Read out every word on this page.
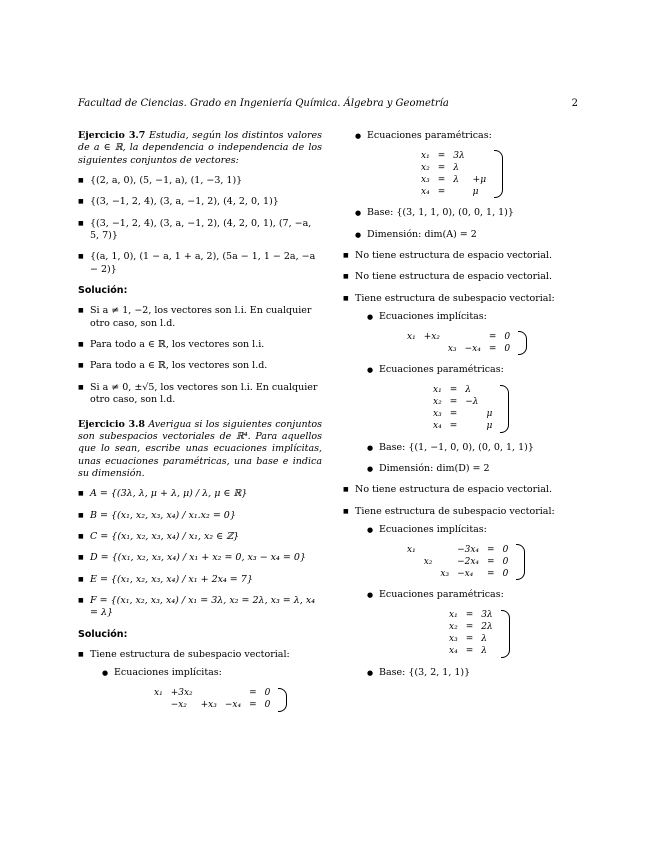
Facultad de Ciencias. Grado en Ingeniería Química. Álgebra y Geometría	2

Ejercicio 3.7 Estudia, según los distintos valores de a ∈ ℝ, la dependencia o independencia de los siguientes conjuntos de vectores:

■ {(2, a, 0), (5, −1, a), (1, −3, 1)}
■ {(3, −1, 2, 4), (3, a, −1, 2), (4, 2, 0, 1)}
■ {(3, −1, 2, 4), (3, a, −1, 2), (4, 2, 0, 1), (7, −a, 5, 7)}
■ {(a, 1, 0), (1 − a, 1 + a, 2), (5a − 1, 1 − 2a, −a − 2)}
Solución:
■ Si a ≠ 1, −2, los vectores son l.i. En cualquier otro caso, son l.d.
■ Para todo a ∈ ℝ, los vectores son l.i.
■ Para todo a ∈ ℝ, los vectores son l.d.
■ Si a ≠ 0, ±√5, los vectores son l.i. En cualquier otro caso, son l.d.

Ejercicio 3.8 Averigua si los siguientes conjuntos son subespacios vectoriales de ℝ⁴. Para aquellos que lo sean, escribe unas ecuaciones implícitas, unas ecuaciones paramétricas, una base e indica su dimensión.

■ A = {(3λ, λ, μ + λ, μ) / λ, μ ∈ ℝ}
■ B = {(x₁, x₂, x₃, x₄) / x₁.x₂ = 0}
■ C = {(x₁, x₂, x₃, x₄) / x₁, x₂ ∈ ℤ}
■ D = {(x₁, x₂, x₃, x₄) / x₁ + x₂ = 0, x₃ − x₄ = 0}
■ E = {(x₁, x₂, x₃, x₄) / x₁ + 2x₄ = 7}
■ F = {(x₁, x₂, x₃, x₄) / x₁ = 3λ, x₂ = 2λ, x₃ = λ, x₄ = λ}
Solución:
■ Tiene estructura de subespacio vectorial:
● Ecuaciones implícitas:
x₁	+3x₂			=	0
	−x₂	+x₃	−x₄	=	0
● Ecuaciones paramétricas:
x₁	=	3λ	
x₂	=	λ	
x₃	=	λ	+μ
x₄	=		μ
● Base: {(3, 1, 1, 0), (0, 0, 1, 1)}
● Dimensión: dim(A) = 2
■ No tiene estructura de espacio vectorial.
■ No tiene estructura de espacio vectorial.
■ Tiene estructura de subespacio vectorial:
● Ecuaciones implícitas:
x₁	+x₂			=	0
		x₃	−x₄	=	0
● Ecuaciones paramétricas:
x₁	=	λ	
x₂	=	−λ	
x₃	=		μ
x₄	=		μ
● Base: {(1, −1, 0, 0), (0, 0, 1, 1)}
● Dimensión: dim(D) = 2
■ No tiene estructura de espacio vectorial.
■ Tiene estructura de subespacio vectorial:
● Ecuaciones implícitas:
x₁			−3x₄	=	0
	x₂		−2x₄	=	0
		x₃	−x₄	=	0
● Ecuaciones paramétricas:
x₁	=	3λ
x₂	=	2λ
x₃	=	λ
x₄	=	λ
● Base: {(3, 2, 1, 1)}
